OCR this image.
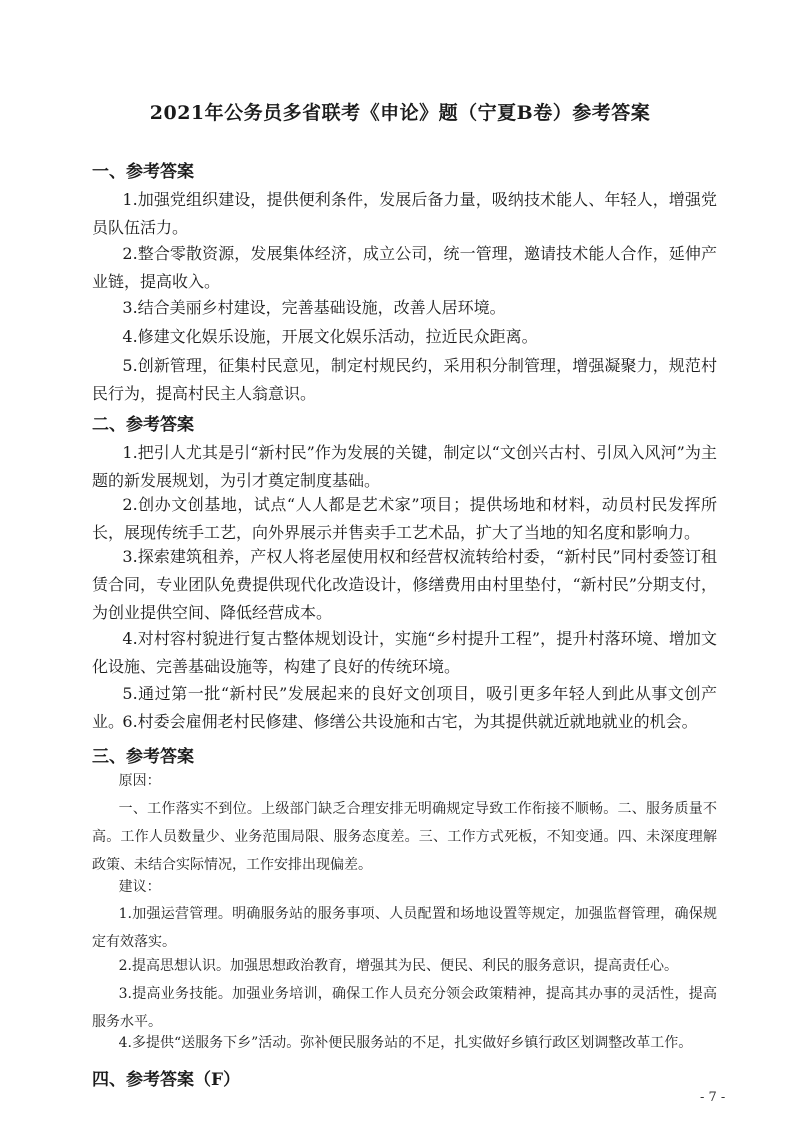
2021年公务员多省联考《申论》题（宁夏B卷）参考答案
一、参考答案
1.加强党组织建设，提供便利条件，发展后备力量，吸纳技术能人、年轻人，增强党员队伍活力。
2.整合零散资源，发展集体经济，成立公司，统一管理，邀请技术能人合作，延伸产业链，提高收入。
3.结合美丽乡村建设，完善基础设施，改善人居环境。
4.修建文化娱乐设施，开展文化娱乐活动，拉近民众距离。
5.创新管理，征集村民意见，制定村规民约，采用积分制管理，增强凝聚力，规范村民行为，提高村民主人翁意识。
二、参考答案
1.把引人尤其是引“新村民”作为发展的关键，制定以“文创兴古村、引凤入风河”为主题的新发展规划，为引才奠定制度基础。
2.创办文创基地，试点“人人都是艺术家”项目；提供场地和材料，动员村民发挥所长，展现传统手工艺，向外界展示并售卖手工艺术品，扩大了当地的知名度和影响力。
3.探索建筑租养，产权人将老屋使用权和经营权流转给村委，“新村民”同村委签订租赁合同，专业团队免费提供现代化改造设计，修缮费用由村里垫付，“新村民”分期支付，为创业提供空间、降低经营成本。
4.对村容村貌进行复古整体规划设计，实施“乡村提升工程”，提升村落环境、增加文化设施、完善基础设施等，构建了良好的传统环境。
5.通过第一批“新村民”发展起来的良好文创项目，吸引更多年轻人到此从事文创产业。
6.村委会雇佣老村民修建、修缮公共设施和古宅，为其提供就近就地就业的机会。
三、参考答案
原因：
一、工作落实不到位。上级部门缺乏合理安排无明确规定导致工作衔接不顺畅。二、服务质量不高。工作人员数量少、业务范围局限、服务态度差。三、工作方式死板，不知变通。四、未深度理解政策、未结合实际情况，工作安排出现偏差。
建议：
1.加强运营管理。明确服务站的服务事项、人员配置和场地设置等规定，加强监督管理，确保规定有效落实。
2.提高思想认识。加强思想政治教育，增强其为民、便民、利民的服务意识，提高责任心。
3.提高业务技能。加强业务培训，确保工作人员充分领会政策精神，提高其办事的灵活性，提高服务水平。
4.多提供“送服务下乡”活动。弥补便民服务站的不足，扎实做好乡镇行政区划调整改革工作。
四、参考答案（F）
- 7 -
